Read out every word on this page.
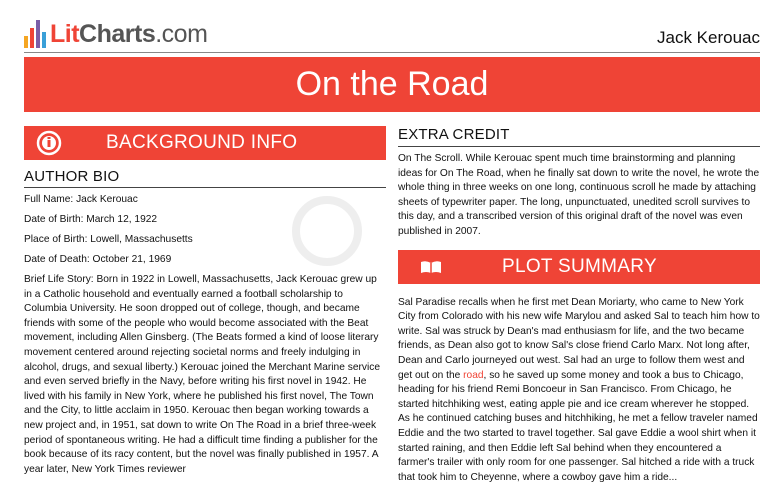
LitCharts.com	Jack Kerouac
On the Road
BACKGROUND INFO
AUTHOR BIO
Full Name: Jack Kerouac
Date of Birth: March 12, 1922
Place of Birth: Lowell, Massachusetts
Date of Death: October 21, 1969
Brief Life Story: Born in 1922 in Lowell, Massachusetts, Jack Kerouac grew up in a Catholic household and eventually earned a football scholarship to Columbia University. He soon dropped out of college, though, and became friends with some of the people who would become associated with the Beat movement, including Allen Ginsberg. (The Beats formed a kind of loose literary movement centered around rejecting societal norms and freely indulging in alcohol, drugs, and sexual liberty.) Kerouac joined the Merchant Marine service and even served briefly in the Navy, before writing his first novel in 1942. He lived with his family in New York, where he published his first novel, The Town and the City, to little acclaim in 1950. Kerouac then began working towards a new project and, in 1951, sat down to write On The Road in a brief three-week period of spontaneous writing. He had a difficult time finding a publisher for the book because of its racy content, but the novel was finally published in 1957. A year later, New York Times reviewer
EXTRA CREDIT
On The Scroll. While Kerouac spent much time brainstorming and planning ideas for On The Road, when he finally sat down to write the novel, he wrote the whole thing in three weeks on one long, continuous scroll he made by attaching sheets of typewriter paper. The long, unpunctuated, unedited scroll survives to this day, and a transcribed version of this original draft of the novel was even published in 2007.
PLOT SUMMARY
Sal Paradise recalls when he first met Dean Moriarty, who came to New York City from Colorado with his new wife Marylou and asked Sal to teach him how to write. Sal was struck by Dean's mad enthusiasm for life, and the two became friends, as Dean also got to know Sal's close friend Carlo Marx. Not long after, Dean and Carlo journeyed out west. Sal had an urge to follow them west and get out on the road, so he saved up some money and took a bus to Chicago, heading for his friend Remi Boncoeur in San Francisco. From Chicago, he started hitchhiking west, eating apple pie and ice cream wherever he stopped. As he continued catching buses and hitchhiking, he met a fellow traveler named Eddie and the two started to travel together. Sal gave Eddie a wool shirt when it started raining, and then Eddie left Sal behind when they encountered a farmer's trailer with only room for one passenger. Sal hitched a ride with a truck that took him to Cheyenne, where a cowboy gave him a ride...
